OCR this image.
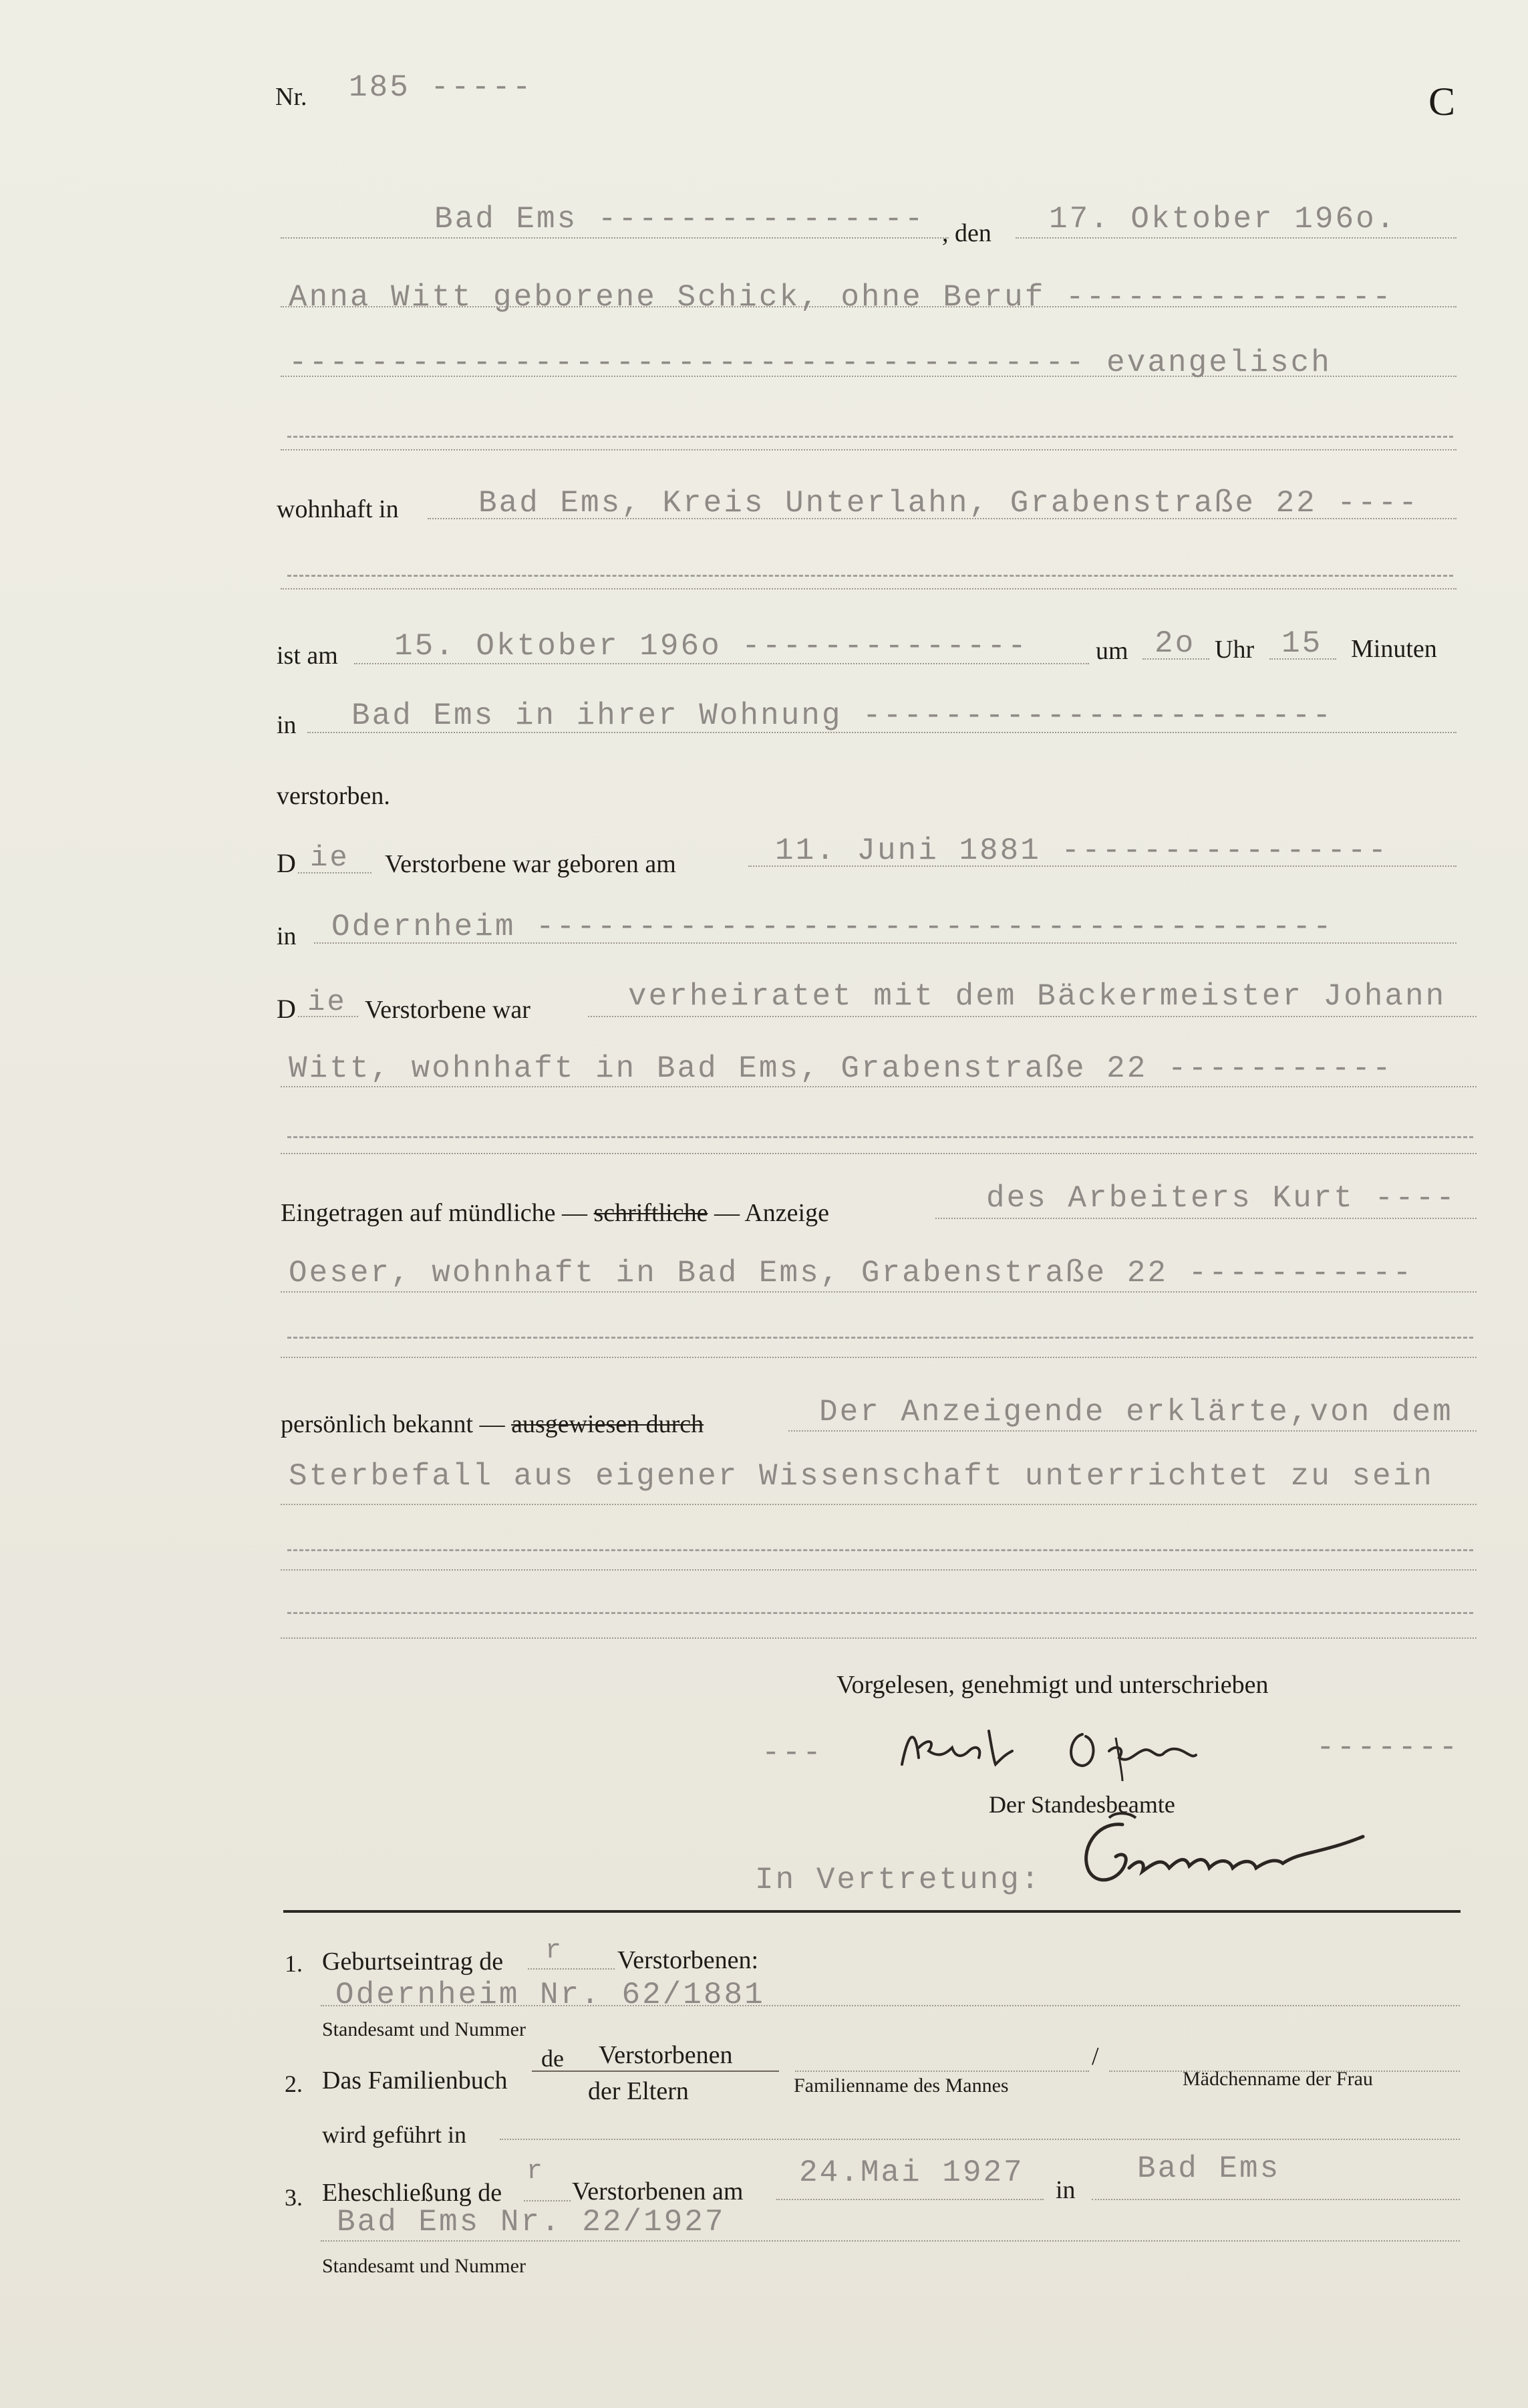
Nr. 185 -----	C
Bad Ems ---------------- , den 17. Oktober 196o.
Anna Witt geborene Schick, ohne Beruf ----------------
--------------------------------------- evangelisch
wohnhaft in	Bad Ems, Kreis Unterlahn, Grabenstraße 22 ----
ist am 15. Oktober 196o --------------	um 2o Uhr 15 Minuten
in Bad Ems in ihrer Wohnung -----------------------
verstorben.
D ie Verstorbene war geboren am	11. Juni 1881 ----------------
in Odernheim ---------------------------------------
D ie Verstorbene war	verheiratet mit dem Bäckermeister Johann
Witt, wohnhaft in Bad Ems, Grabenstraße 22 -----------
Eingetragen auf mündliche — schriftliche — Anzeige	des Arbeiters Kurt ----
Oeser, wohnhaft in Bad Ems, Grabenstraße 22 -----------
persönlich bekannt — ausgewiesen durch	Der Anzeigende erklärte,von dem
Sterbefall aus eigener Wissenschaft unterrichtet zu sein
Vorgelesen, genehmigt und unterschrieben
---	-------
Der Standesbeamte
In Vertretung:
1. Geburtseintrag de r Verstorbenen:
Odernheim Nr. 62/1881
Standesamt und Nummer
2. Das Familienbuch
de Verstorbenen
der Eltern
/
Familienname des Mannes	Mädchenname der Frau
wird geführt in
3. Eheschließung de
r
Verstorbenen am
24.Mai 1927 in
Bad Ems
Bad Ems Nr. 22/1927
Standesamt und Nummer
